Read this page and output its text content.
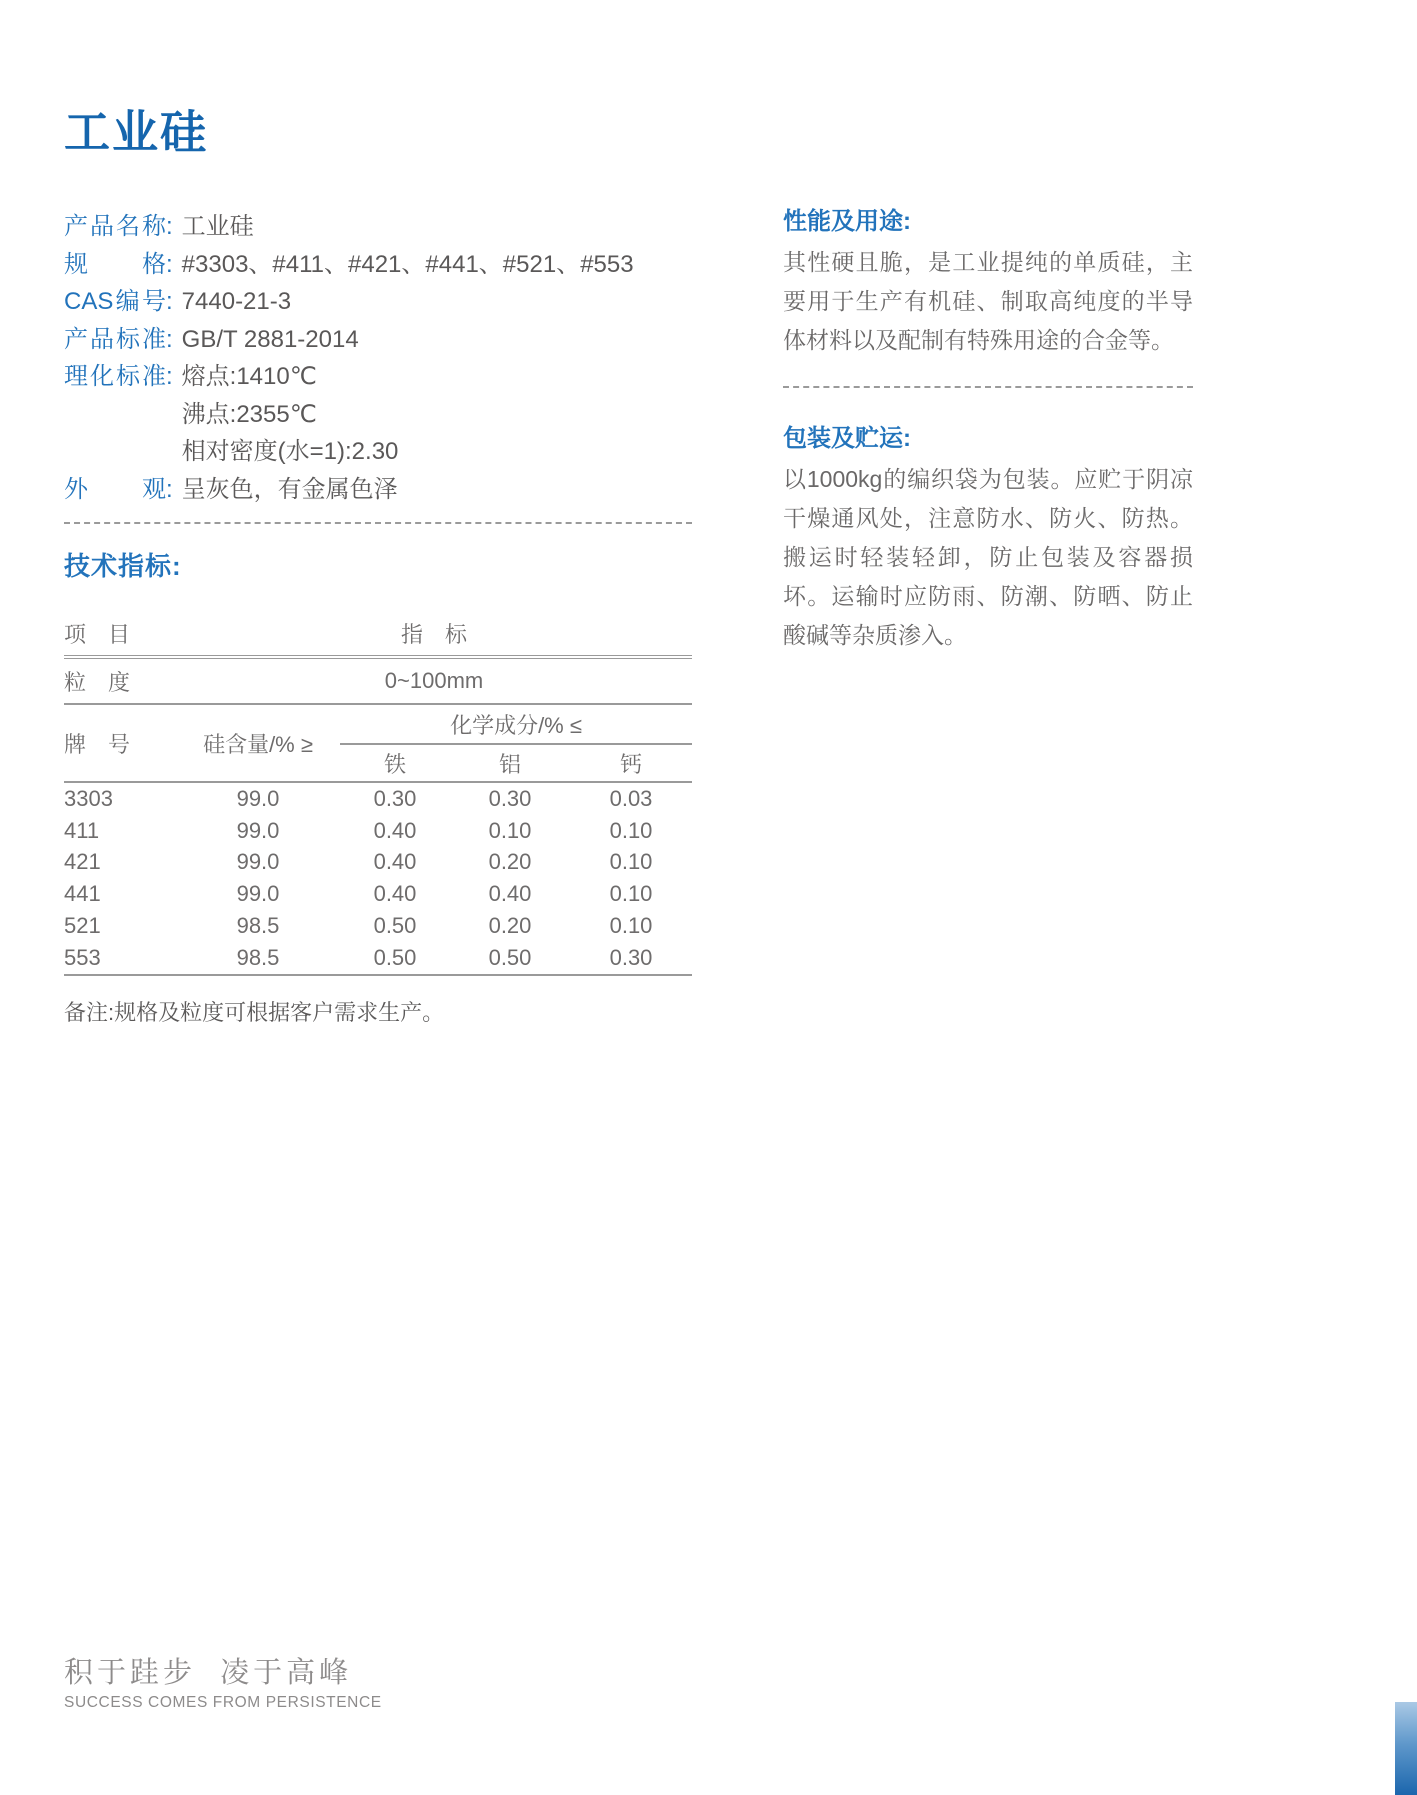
工业硅
产品名称 : 工业硅
规格 : #3303、#411、#421、#441、#521、#553
CAS编号 : 7440-21-3
产品标准 : GB/T 2881-2014
理化标准 : 熔点:1410℃
沸点:2355℃
相对密度(水=1):2.30
外观 : 呈灰色，有金属色泽
技术指标:
项　目	指　标			
粒　度	0~100mm			
牌　号	硅含量/% ≥	化学成分/% ≤		
		铁	铝	钙
3303	99.0	0.30	0.30	0.03
411	99.0	0.40	0.10	0.10
421	99.0	0.40	0.20	0.10
441	99.0	0.40	0.40	0.10
521	98.5	0.50	0.20	0.10
553	98.5	0.50	0.50	0.30
备注:规格及粒度可根据客户需求生产。
性能及用途:
其性硬且脆，是工业提纯的单质硅，主要用于生产有机硅、制取高纯度的半导体材料以及配制有特殊用途的合金等。
包装及贮运:
以1000kg的编织袋为包装。应贮于阴凉干燥通风处，注意防水、防火、防热。搬运时轻装轻卸，防止包装及容器损坏。运输时应防雨、防潮、防晒、防止酸碱等杂质渗入。
积于跬步  凌于高峰
SUCCESS COMES FROM PERSISTENCE
